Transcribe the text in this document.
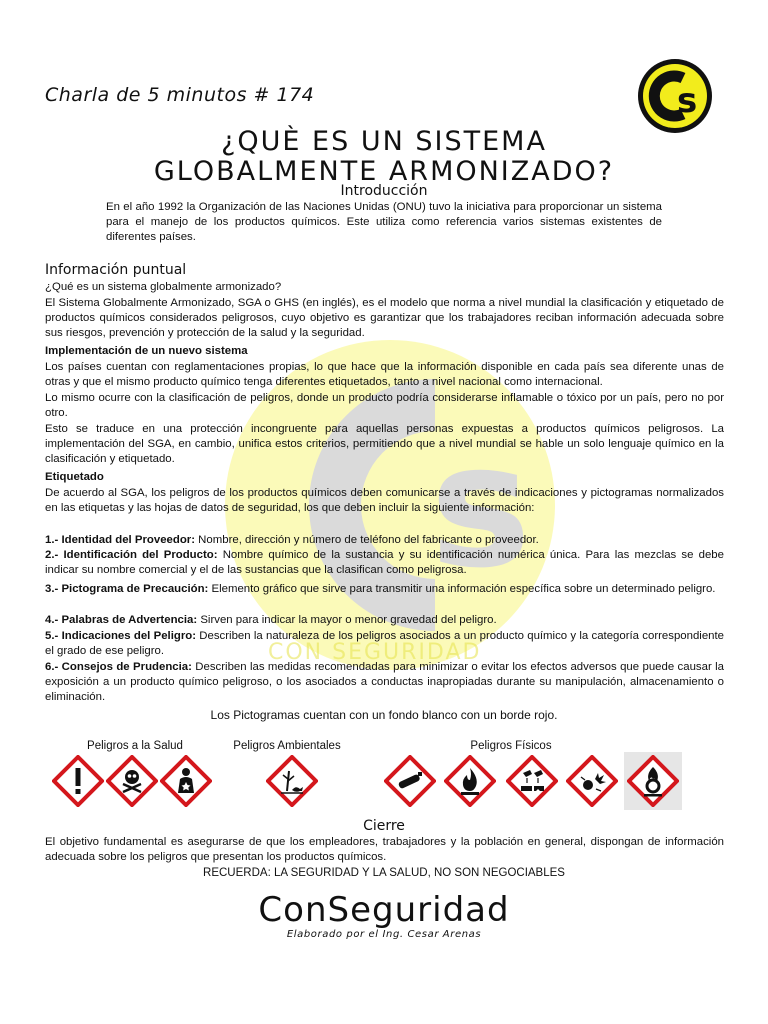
s
CON SEGURIDAD
Charla de 5 minutos # 174	s
¿QUÈ ES UN SISTEMA
GLOBALMENTE ARMONIZADO?
Introducción
En el año 1992 la Organización de las Naciones Unidas (ONU) tuvo la iniciativa para proporcionar un sistema para el manejo de los productos químicos. Este utiliza como referencia varios sistemas existentes de diferentes países.
Información puntual
¿Qué es un sistema globalmente armonizado?
El Sistema Globalmente Armonizado, SGA o GHS (en inglés), es el modelo que norma a nivel mundial la clasificación y etiquetado de productos químicos considerados peligrosos, cuyo objetivo es garantizar que los trabajadores reciban información adecuada sobre sus riesgos, prevención y protección de la salud y la seguridad.
Implementación de un nuevo sistema
Los países cuentan con reglamentaciones propias, lo que hace que la información disponible en cada país sea diferente unas de otras y que el mismo producto químico tenga diferentes etiquetados, tanto a nivel nacional como internacional.
Lo mismo ocurre con la clasificación de peligros, donde un producto podría considerarse inflamable o tóxico por un país, pero no por otro.
Esto se traduce en una protección incongruente para aquellas personas expuestas a productos químicos peligrosos. La implementación del SGA, en cambio, unifica estos criterios, permitiendo que a nivel mundial se hable un solo lenguaje químico en la clasificación y etiquetado.
Etiquetado
De acuerdo al SGA, los peligros de los productos químicos deben comunicarse a través de indicaciones y pictogramas normalizados en las etiquetas y las hojas de datos de seguridad, los que deben incluir la siguiente información:
1.- Identidad del Proveedor: Nombre, dirección y número de teléfono del fabricante o proveedor.
2.- Identificación del Producto: Nombre químico de la sustancia y su identificación numérica única. Para las mezclas se debe indicar su nombre comercial y el de las sustancias que la clasifican como peligrosa.
3.- Pictograma de Precaución: Elemento gráfico que sirve para transmitir una información específica sobre un determinado peligro.
4.- Palabras de Advertencia: Sirven para indicar la mayor o menor gravedad del peligro.
5.- Indicaciones del Peligro: Describen la naturaleza de los peligros asociados a un producto químico y la categoría correspondiente el grado de ese peligro.
6.- Consejos de Prudencia: Describen las medidas recomendadas para minimizar o evitar los efectos adversos que puede causar la exposición a un producto químico peligroso, o los asociados a conductas inapropiadas durante su manipulación, almacenamiento o eliminación.
Los Pictogramas cuentan con un fondo blanco con un borde rojo.
Peligros a la Salud	Peligros Ambientales	Peligros Físicos
Cierre
El objetivo fundamental es asegurarse de que los empleadores, trabajadores y la población en general, dispongan de información adecuada sobre los peligros que presentan los productos químicos.
RECUERDA: LA SEGURIDAD Y LA SALUD, NO SON NEGOCIABLES
ConSeguridad
Elaborado por el Ing. Cesar Arenas
